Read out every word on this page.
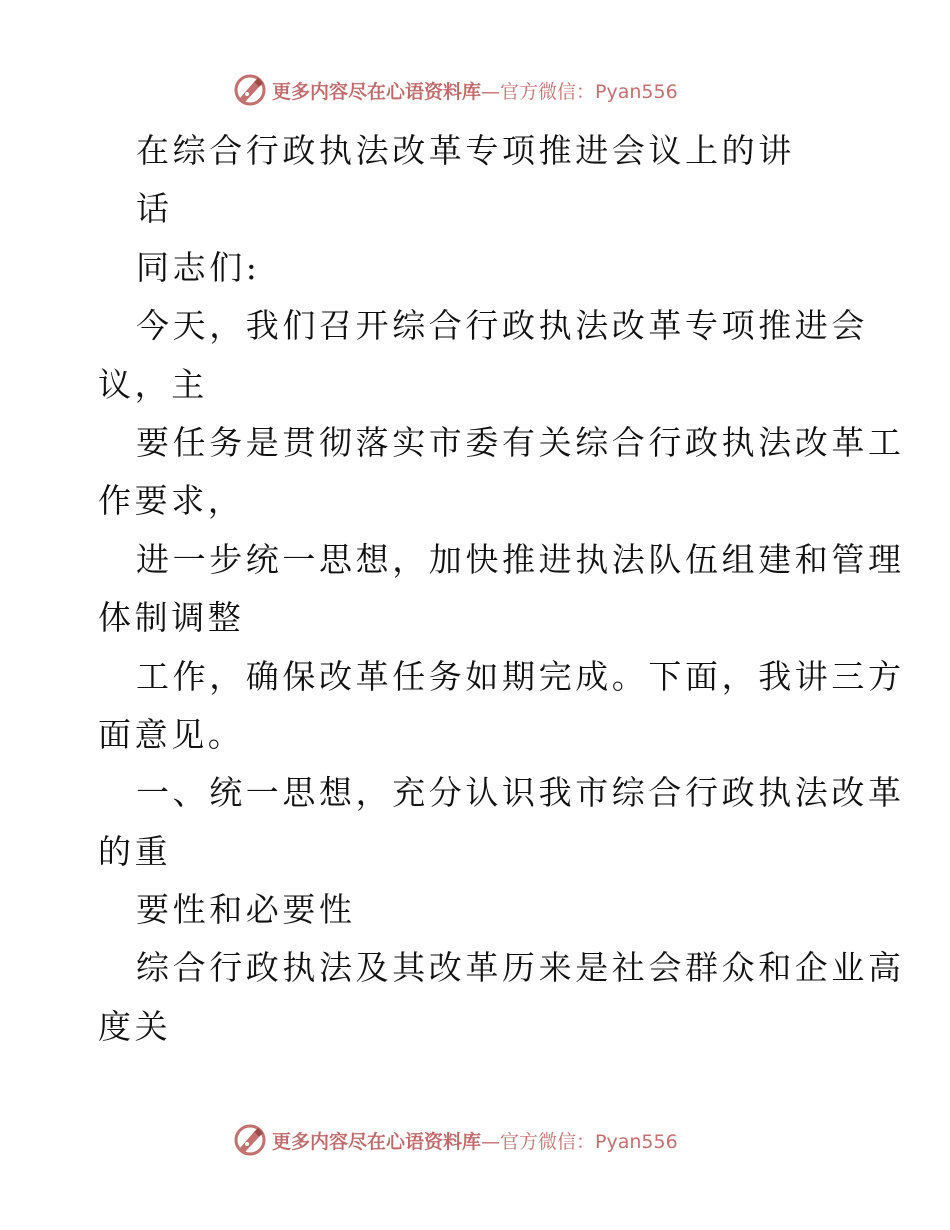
更多内容尽在心语资料库—官方微信：Pyan556
在综合行政执法改革专项推进会议上的讲
话
同志们:
今天，我们召开综合行政执法改革专项推进会
议，主
要任务是贯彻落实市委有关综合行政执法改革工
作要求，
进一步统一思想，加快推进执法队伍组建和管理
体制调整
工作，确保改革任务如期完成。下面，我讲三方
面意见。
一、统一思想，充分认识我市综合行政执法改革
的重
要性和必要性
综合行政执法及其改革历来是社会群众和企业高
度关
更多内容尽在心语资料库—官方微信：Pyan556
